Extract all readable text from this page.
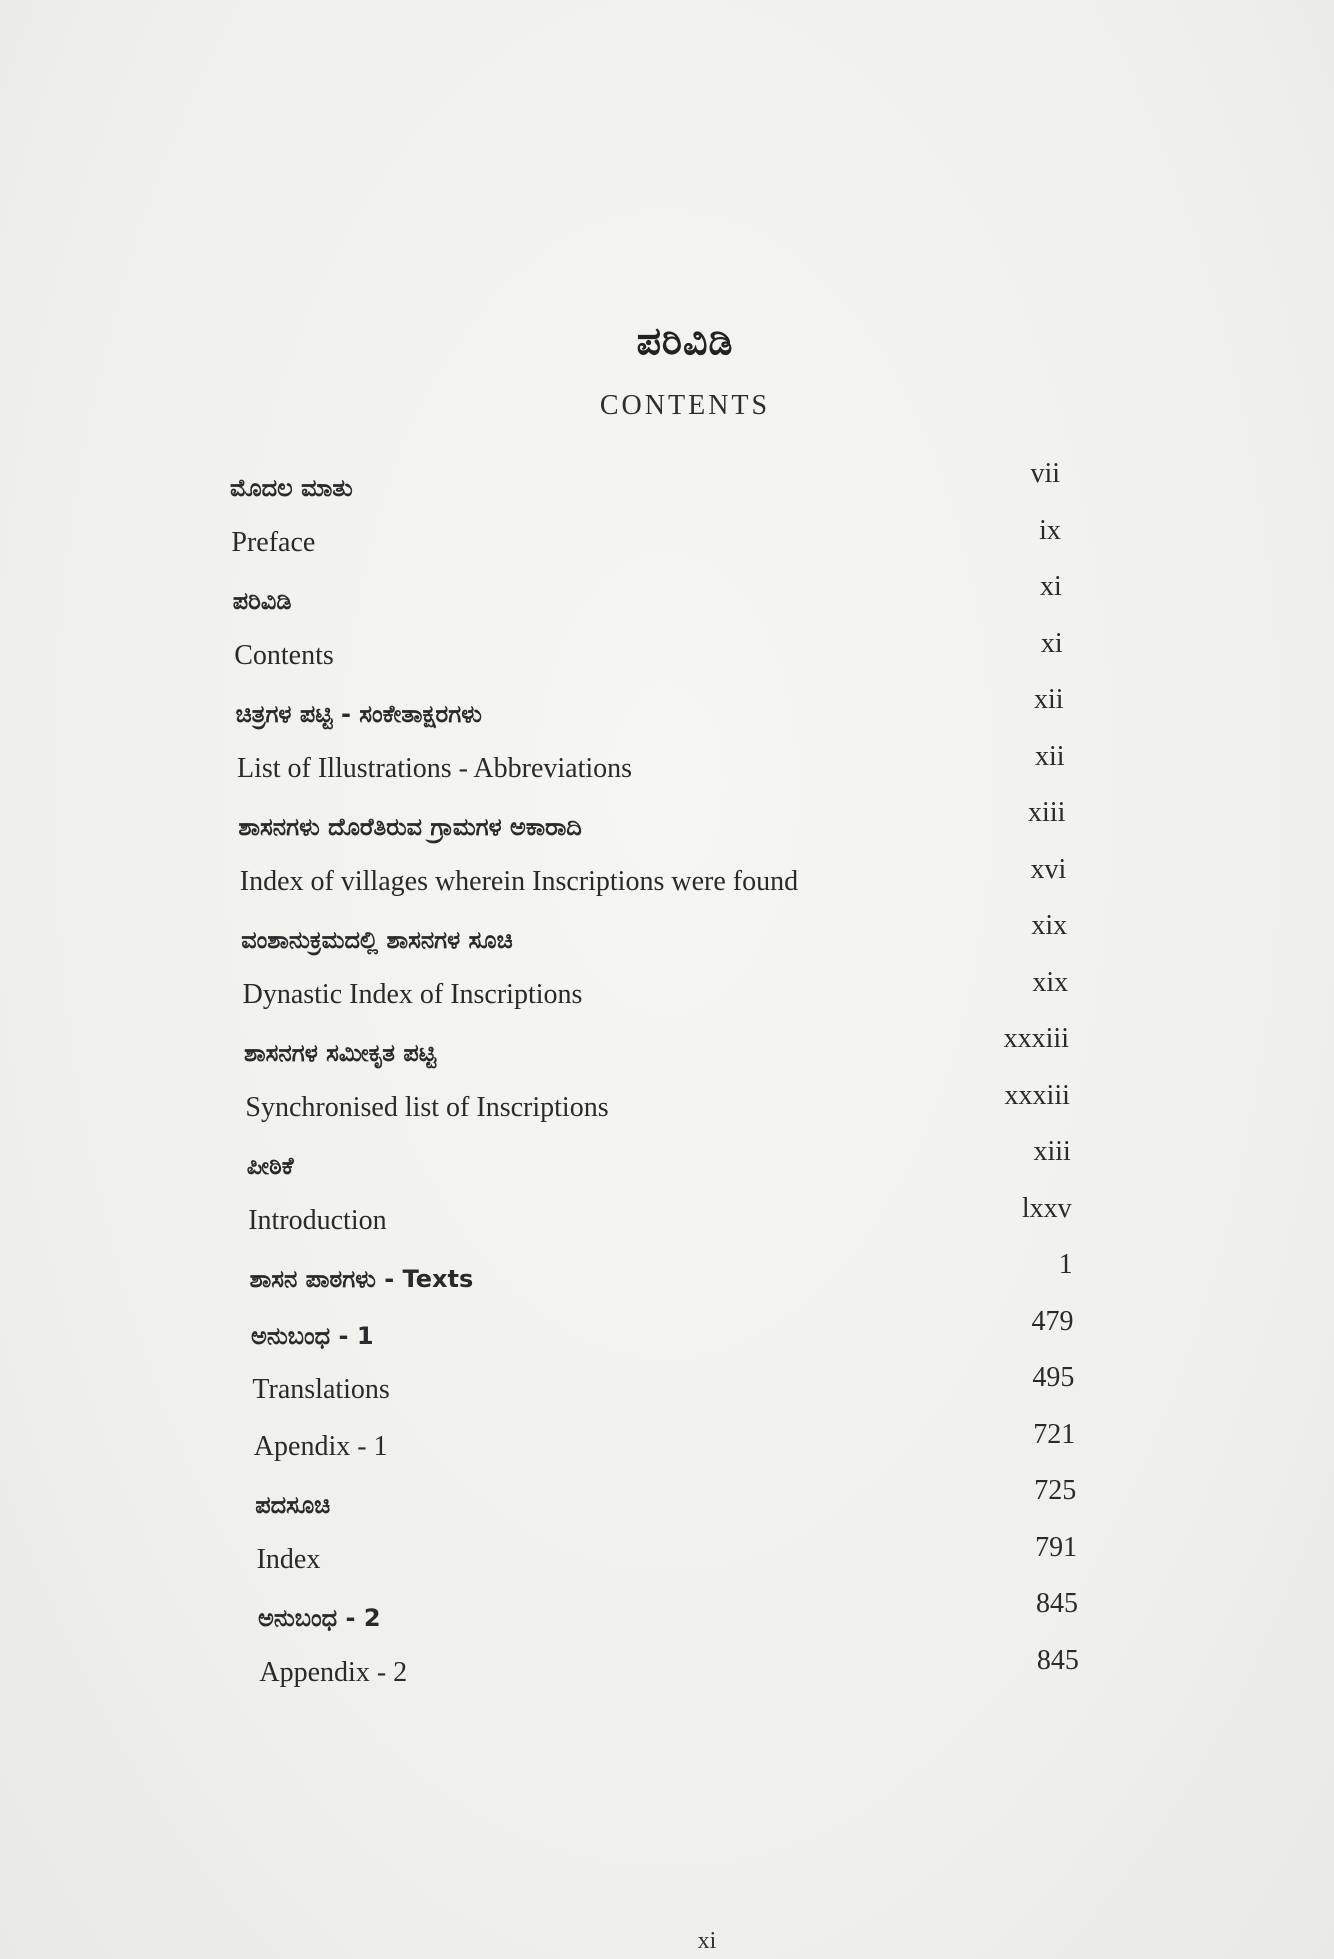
ಪರಿವಿಡಿ
CONTENTS
ಮೊದಲ ಮಾತು	vii
Preface	ix
ಪರಿವಿಡಿ	xi
Contents	xi
ಚಿತ್ರಗಳ ಪಟ್ಟಿ - ಸಂಕೇತಾಕ್ಷರಗಳು	xii
List of Illustrations - Abbreviations	xii
ಶಾಸನಗಳು ದೊರೆತಿರುವ ಗ್ರಾಮಗಳ ಅಕಾರಾದಿ	xiii
Index of villages wherein Inscriptions were found	xvi
ವಂಶಾನುಕ್ರಮದಲ್ಲಿ ಶಾಸನಗಳ ಸೂಚಿ	xix
Dynastic Index of Inscriptions	xix
ಶಾಸನಗಳ ಸಮೀಕೃತ ಪಟ್ಟಿ	xxxiii
Synchronised list of Inscriptions	xxxiii
ಪೀಠಿಕೆ	xiii
Introduction	lxxv
ಶಾಸನ ಪಾಠಗಳು - Texts	1
ಅನುಬಂಧ - 1	479
Translations	495
Apendix - 1	721
ಪದಸೂಚಿ	725
Index	791
ಅನುಬಂಧ - 2	845
Appendix - 2	845
xi
